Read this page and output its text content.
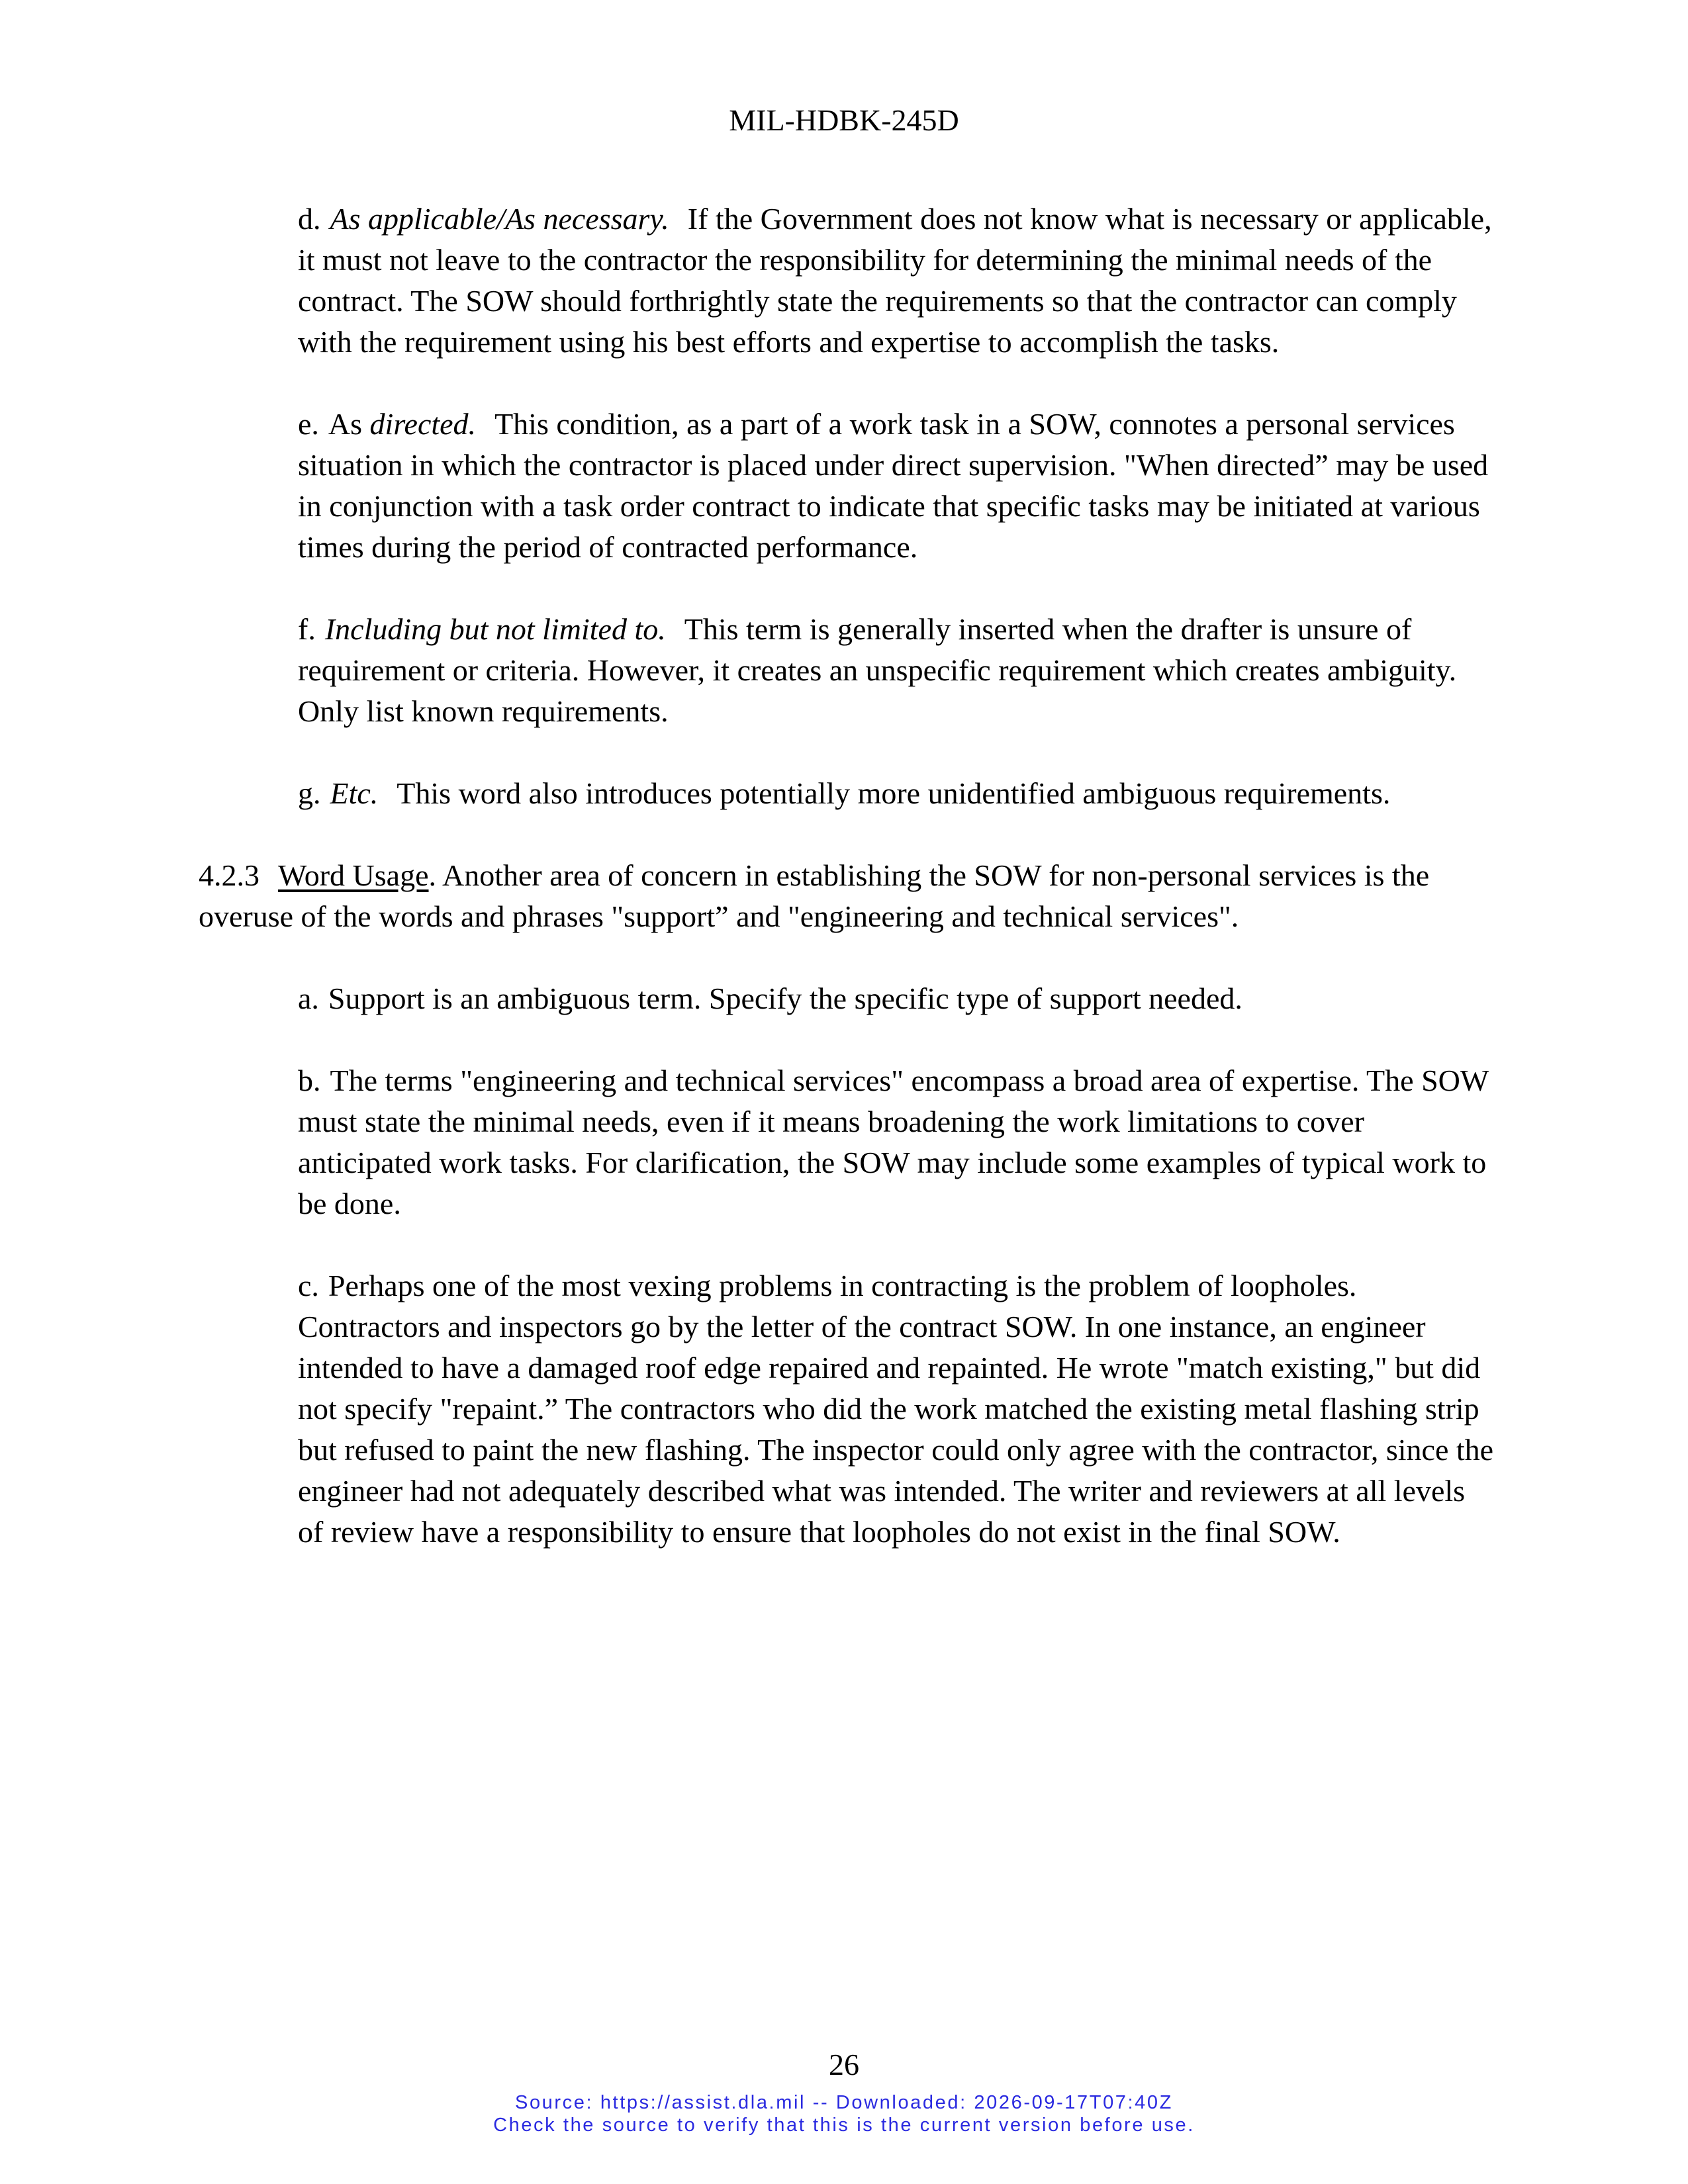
MIL-HDBK-245D

d. As applicable/As necessary. If the Government does not know what is necessary or applicable, it must not leave to the contractor the responsibility for determining the minimal needs of the contract. The SOW should forthrightly state the requirements so that the contractor can comply with the requirement using his best efforts and expertise to accomplish the tasks.

e. As directed. This condition, as a part of a work task in a SOW, connotes a personal services situation in which the contractor is placed under direct supervision. "When directed” may be used in conjunction with a task order contract to indicate that specific tasks may be initiated at various times during the period of contracted performance.

f. Including but not limited to. This term is generally inserted when the drafter is unsure of requirement or criteria. However, it creates an unspecific requirement which creates ambiguity. Only list known requirements.

g. Etc. This word also introduces potentially more unidentified ambiguous requirements.

4.2.3 Word Usage. Another area of concern in establishing the SOW for non-personal services is the overuse of the words and phrases "support” and "engineering and technical services".

a. Support is an ambiguous term. Specify the specific type of support needed.

b. The terms "engineering and technical services" encompass a broad area of expertise. The SOW must state the minimal needs, even if it means broadening the work limitations to cover anticipated work tasks. For clarification, the SOW may include some examples of typical work to be done.

c. Perhaps one of the most vexing problems in contracting is the problem of loopholes. Contractors and inspectors go by the letter of the contract SOW. In one instance, an engineer intended to have a damaged roof edge repaired and repainted. He wrote "match existing," but did not specify "repaint.” The contractors who did the work matched the existing metal flashing strip but refused to paint the new flashing. The inspector could only agree with the contractor, since the engineer had not adequately described what was intended. The writer and reviewers at all levels of review have a responsibility to ensure that loopholes do not exist in the final SOW.

26
Source: https://assist.dla.mil -- Downloaded: 2026-09-17T07:40Z
Check the source to verify that this is the current version before use.
